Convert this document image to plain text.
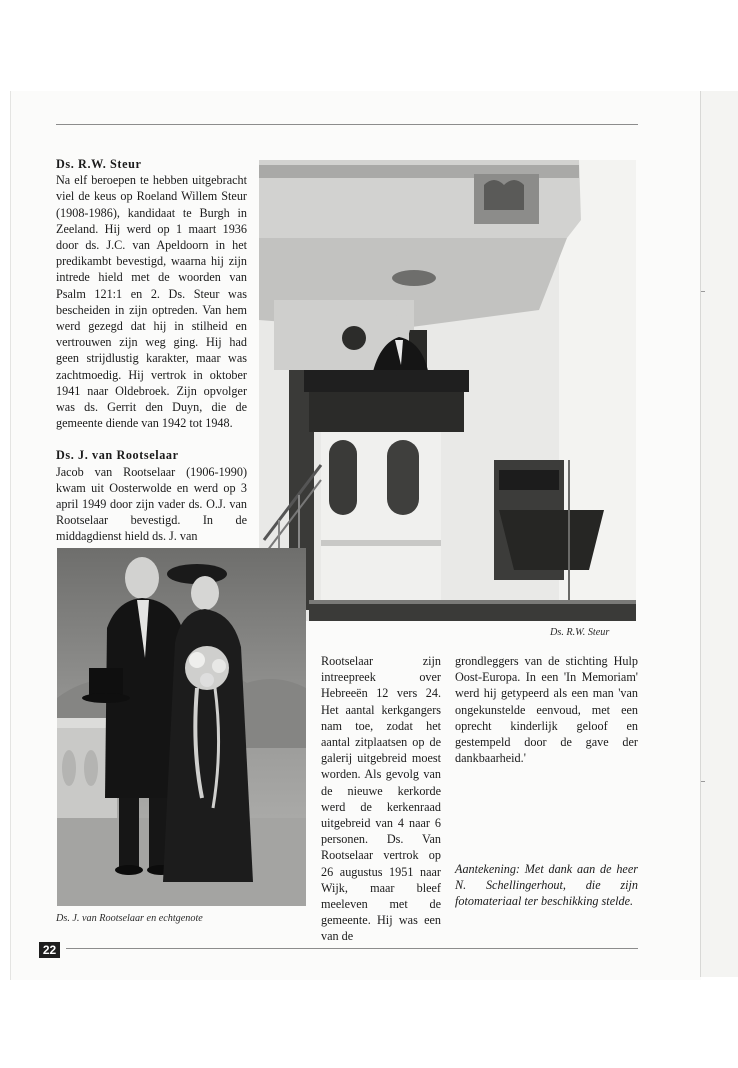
Ds. R.W. Steur

Na elf beroepen te hebben uitgebracht viel de keus op Roeland Willem Steur (1908-1986), kandidaat te Burgh in Zeeland. Hij werd op 1 maart 1936 door ds. J.C. van Apeldoorn in het predikambt bevestigd, waarna hij zijn intrede hield met de woorden van Psalm 121:1 en 2. Ds. Steur was bescheiden in zijn optreden. Van hem werd gezegd dat hij in stilheid en vertrouwen zijn weg ging. Hij had geen strijdlustig karakter, maar was zachtmoedig. Hij vertrok in oktober 1941 naar Oldebroek. Zijn opvolger was ds. Gerrit den Duyn, die de gemeente diende van 1942 tot 1948.

Ds. J. van Rootselaar

Jacob van Rootselaar (1906-1990) kwam uit Oosterwolde en werd op 3 april 1949 door zijn vader ds. O.J. van Rootselaar bevestigd. In de middagdienst hield ds. J. van

Ds. R.W. Steur
Ds. J. van Rootselaar en echtgenote

Rootselaar zijn intreepreek over Hebreeën 12 vers 24. Het aantal kerkgangers nam toe, zodat het aantal zitplaatsen op de galerij uitgebreid moest worden. Als gevolg van de nieuwe kerkorde werd de kerkenraad uitgebreid van 4 naar 6 personen. Ds. Van Rootselaar vertrok op 26 augustus 1951 naar Wijk, maar bleef meeleven met de gemeente. Hij was een van de

grondleggers van de stichting Hulp Oost-Europa. In een 'In Memoriam' werd hij getypeerd als een man 'van ongekunstelde eenvoud, met een oprecht kinderlijk geloof en gestempeld door de gave der dankbaarheid.'

Aantekening: Met dank aan de heer N. Schellingerhout, die zijn fotomateriaal ter beschikking stelde.
22
